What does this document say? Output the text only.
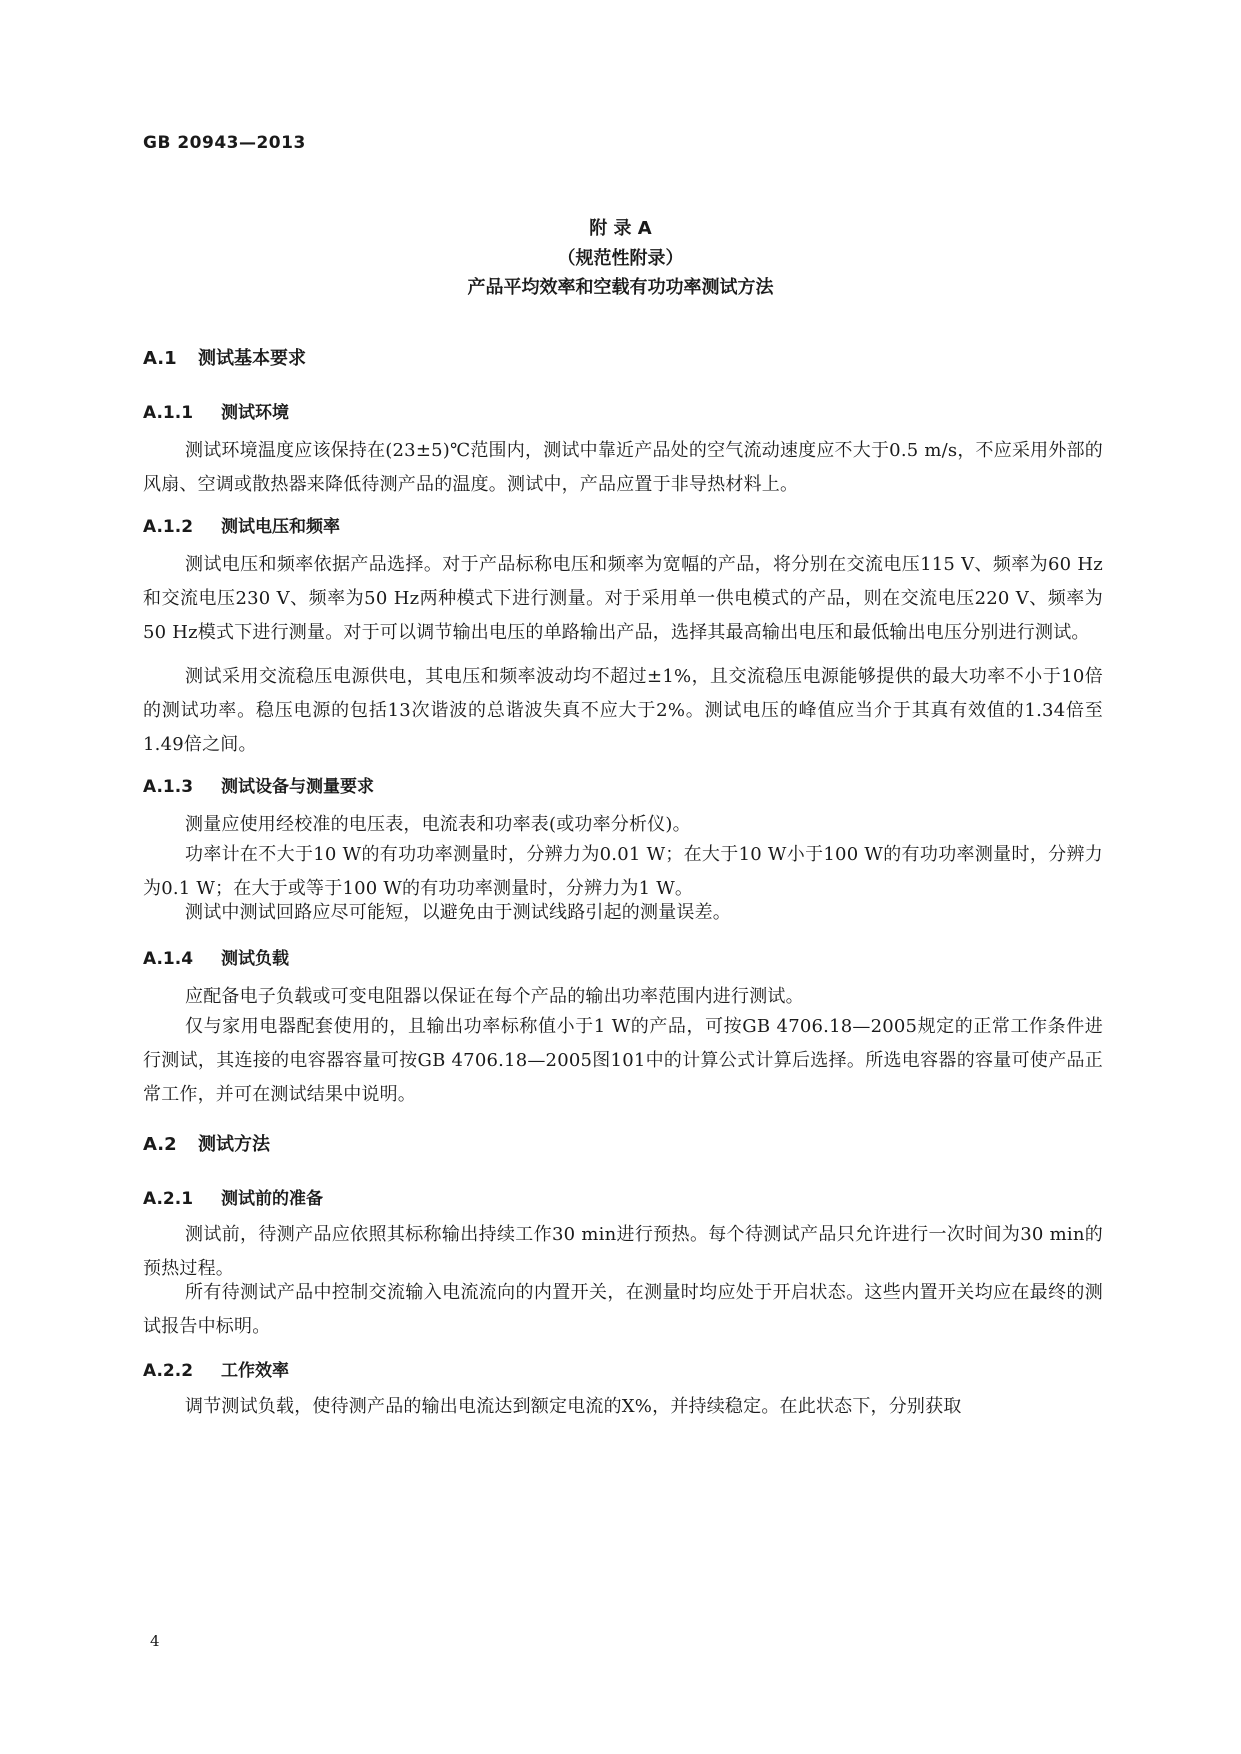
GB 20943—2013
附 录 A
（规范性附录）
产品平均效率和空载有功功率测试方法
A.1 测试基本要求
A.1.1 测试环境

测试环境温度应该保持在(23±5)℃范围内，测试中靠近产品处的空气流动速度应不大于0.5 m/s，不应采用外部的风扇、空调或散热器来降低待测产品的温度。测试中，产品应置于非导热材料上。

A.1.2 测试电压和频率

测试电压和频率依据产品选择。对于产品标称电压和频率为宽幅的产品，将分别在交流电压115 V、频率为60 Hz和交流电压230 V、频率为50 Hz两种模式下进行测量。对于采用单一供电模式的产品，则在交流电压220 V、频率为50 Hz模式下进行测量。对于可以调节输出电压的单路输出产品，选择其最高输出电压和最低输出电压分别进行测试。

测试采用交流稳压电源供电，其电压和频率波动均不超过±1%，且交流稳压电源能够提供的最大功率不小于10倍的测试功率。稳压电源的包括13次谐波的总谐波失真不应大于2%。测试电压的峰值应当介于其真有效值的1.34倍至1.49倍之间。

A.1.3 测试设备与测量要求

测量应使用经校准的电压表，电流表和功率表(或功率分析仪)。

功率计在不大于10 W的有功功率测量时，分辨力为0.01 W；在大于10 W小于100 W的有功功率测量时，分辨力为0.1 W；在大于或等于100 W的有功功率测量时，分辨力为1 W。

测试中测试回路应尽可能短，以避免由于测试线路引起的测量误差。

A.1.4 测试负载

应配备电子负载或可变电阻器以保证在每个产品的输出功率范围内进行测试。

仅与家用电器配套使用的，且输出功率标称值小于1 W的产品，可按GB 4706.18—2005规定的正常工作条件进行测试，其连接的电容器容量可按GB 4706.18—2005图101中的计算公式计算后选择。所选电容器的容量可使产品正常工作，并可在测试结果中说明。

A.2 测试方法
A.2.1 测试前的准备

测试前，待测产品应依照其标称输出持续工作30 min进行预热。每个待测试产品只允许进行一次时间为30 min的预热过程。

所有待测试产品中控制交流输入电流流向的内置开关，在测量时均应处于开启状态。这些内置开关均应在最终的测试报告中标明。

A.2.2 工作效率

调节测试负载，使待测产品的输出电流达到额定电流的X%，并持续稳定。在此状态下，分别获取

4
